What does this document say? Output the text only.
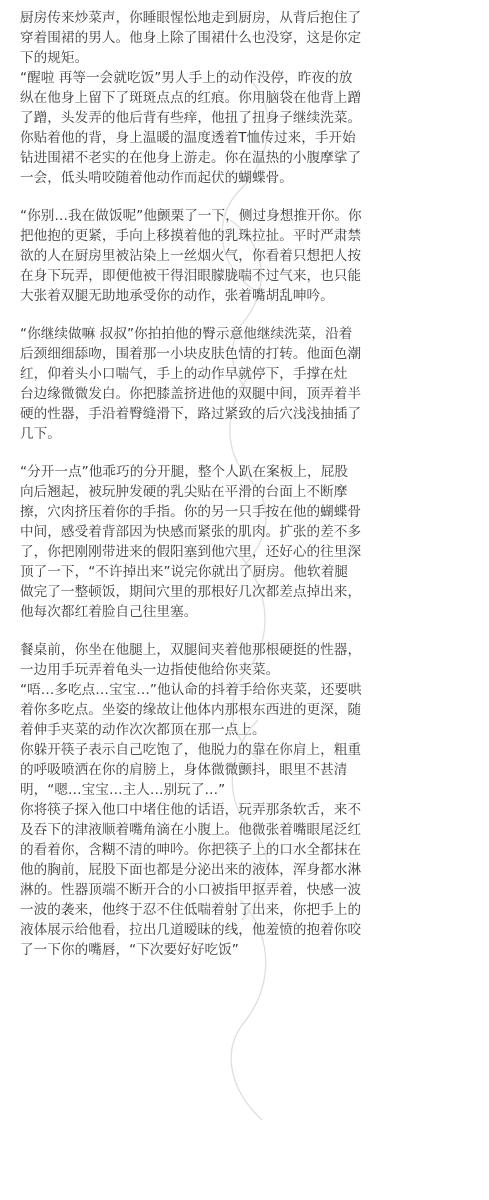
厨房传来炒菜声，你睡眼惺忪地走到厨房，从背后抱住了
穿着围裙的男人。他身上除了围裙什么也没穿，这是你定
下的规矩。
“醒啦 再等一会就吃饭”男人手上的动作没停，昨夜的放
纵在他身上留下了斑斑点点的红痕。你用脑袋在他背上蹭
了蹭，头发弄的他后背有些痒，他扭了扭身子继续洗菜。
你贴着他的背，身上温暖的温度透着T恤传过来，手开始
钻进围裙不老实的在他身上游走。你在温热的小腹摩挲了
一会，低头啃咬随着他动作而起伏的蝴蝶骨。
“你别…我在做饭呢”他颤栗了一下，侧过身想推开你。你
把他抱的更紧，手向上移摸着他的乳珠拉扯。平时严肃禁
欲的人在厨房里被沾染上一丝烟火气，你看着只想把人按
在身下玩弄，即便他被干得泪眼朦胧喘不过气来，也只能
大张着双腿无助地承受你的动作，张着嘴胡乱呻吟。
“你继续做嘛 叔叔”你拍拍他的臀示意他继续洗菜，沿着
后颈细细舔吻，围着那一小块皮肤色情的打转。他面色潮
红，仰着头小口喘气，手上的动作早就停下，手撑在灶
台边缘微微发白。你把膝盖挤进他的双腿中间，顶弄着半
硬的性器，手沿着臀缝滑下，路过紧致的后穴浅浅抽插了
几下。
“分开一点”他乖巧的分开腿，整个人趴在案板上，屁股
向后翘起，被玩肿发硬的乳尖贴在平滑的台面上不断摩
擦，穴肉挤压着你的手指。你的另一只手按在他的蝴蝶骨
中间，感受着背部因为快感而紧张的肌肉。扩张的差不多
了，你把刚刚带进来的假阳塞到他穴里，还好心的往里深
顶了一下，“不许掉出来”说完你就出了厨房。他软着腿
做完了一整顿饭，期间穴里的那根好几次都差点掉出来，
他每次都红着脸自己往里塞。
餐桌前，你坐在他腿上，双腿间夹着他那根硬挺的性器，
一边用手玩弄着龟头一边指使他给你夹菜。
“唔…多吃点…宝宝…”他认命的抖着手给你夹菜，还要哄
着你多吃点。坐姿的缘故让他体内那根东西进的更深，随
着伸手夹菜的动作次次都顶在那一点上。
你躲开筷子表示自己吃饱了，他脱力的靠在你肩上，粗重
的呼吸喷洒在你的肩膀上，身体微微颤抖，眼里不甚清
明，“嗯…宝宝…主人…别玩了…”
你将筷子探入他口中堵住他的话语，玩弄那条软舌，来不
及吞下的津液顺着嘴角滴在小腹上。他微张着嘴眼尾泛红
的看着你，含糊不清的呻吟。你把筷子上的口水全都抹在
他的胸前，屁股下面也都是分泌出来的液体，浑身都水淋
淋的。性器顶端不断开合的小口被指甲抠弄着，快感一波
一波的袭来，他终于忍不住低喘着射了出来，你把手上的
液体展示给他看，拉出几道暧昧的线，他羞愤的抱着你咬
了一下你的嘴唇，“下次要好好吃饭”
